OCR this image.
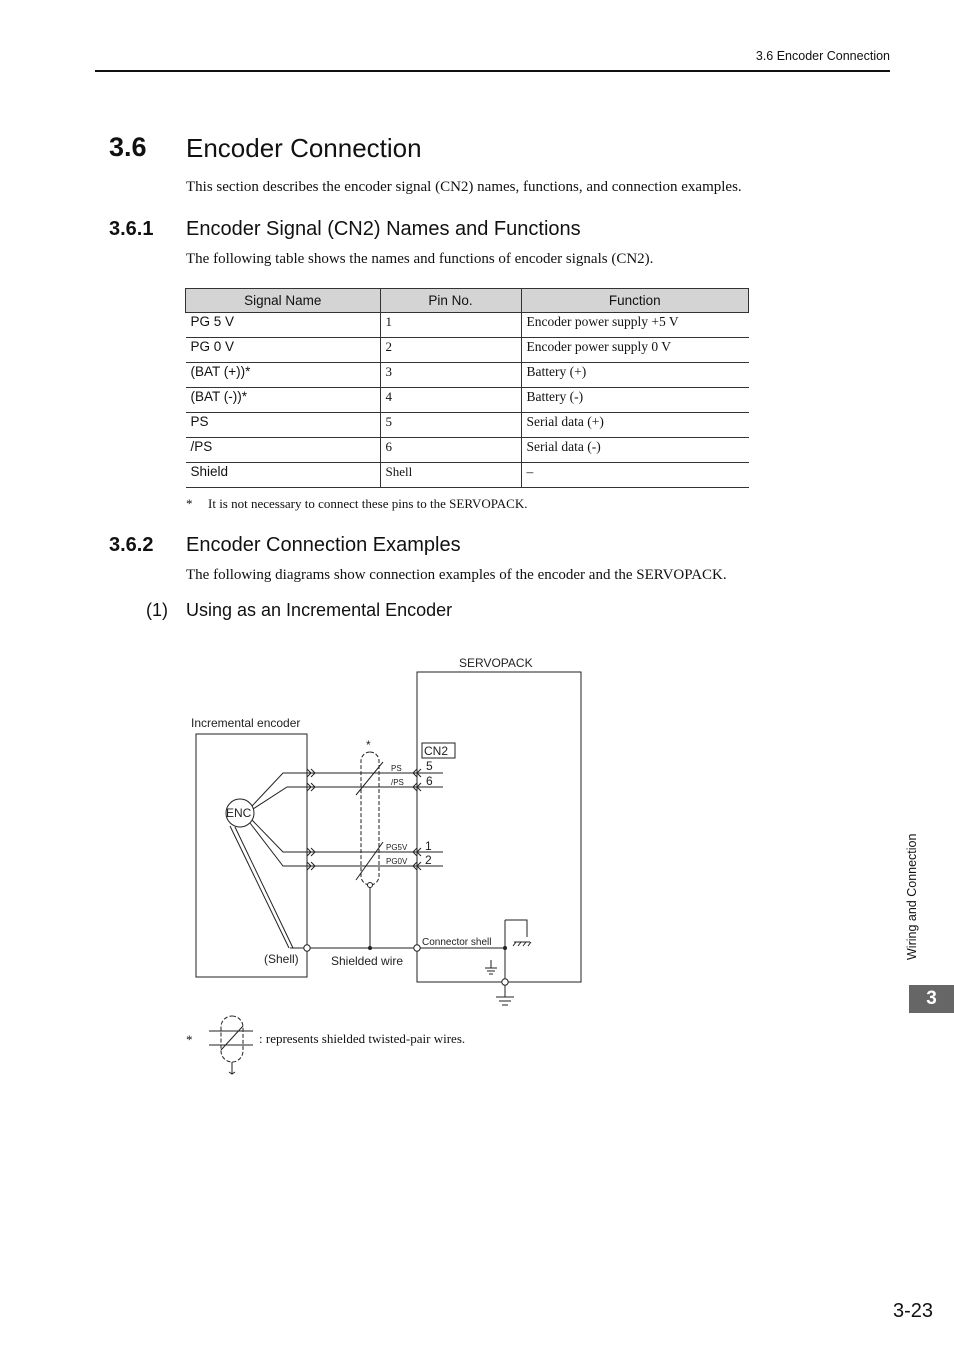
3.6 Encoder Connection
3.6 Encoder Connection
This section describes the encoder signal (CN2) names, functions, and connection examples.
3.6.1 Encoder Signal (CN2) Names and Functions
The following table shows the names and functions of encoder signals (CN2).
Signal Name	Pin No.	Function
PG 5 V	1	Encoder power supply +5 V
PG 0 V	2	Encoder power supply 0 V
(BAT (+))*	3	Battery (+)
(BAT (-))*	4	Battery (-)
PS	5	Serial data (+)
/PS	6	Serial data (-)
Shield	Shell	–
* It is not necessary to connect these pins to the SERVOPACK.
3.6.2 Encoder Connection Examples
The following diagrams show connection examples of the encoder and the SERVOPACK.
(1) Using as an Incremental Encoder
SERVOPACK
Incremental encoder
ENC
*	CN2
PS
/PS
PG5V
PG0V
5
6
1
2
(Shell)	Shielded wire
Connector shell
*	: represents shielded twisted-pair wires.
Wiring and Connection
3
3-23
